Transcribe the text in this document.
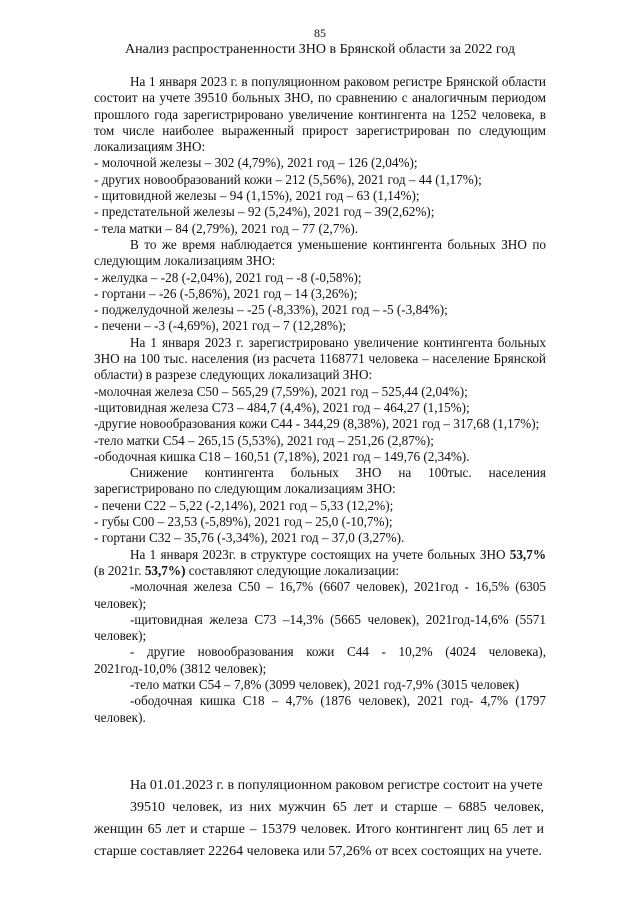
85
Анализ распространенности ЗНО в Брянской области за 2022 год

На 1 января 2023 г. в популяционном раковом регистре Брянской области состоит на учете 39510 больных ЗНО, по сравнению с аналогичным периодом прошлого года зарегистрировано увеличение контингента на 1252 человека, в том числе наиболее выраженный прирост зарегистрирован по следующим локализациям ЗНО:

- молочной железы – 302 (4,79%), 2021 год – 126 (2,04%);

- других новообразований кожи – 212 (5,56%), 2021 год – 44 (1,17%);

- щитовидной железы – 94 (1,15%), 2021 год – 63 (1,14%);

- предстательной железы – 92 (5,24%), 2021 год – 39(2,62%);

- тела матки – 84 (2,79%), 2021 год – 77 (2,7%).

В то же время наблюдается уменьшение контингента больных ЗНО по следующим локализациям ЗНО:

- желудка – -28 (-2,04%), 2021 год – -8 (-0,58%);

- гортани – -26 (-5,86%), 2021 год – 14 (3,26%);

- поджелудочной железы – -25 (-8,33%), 2021 год – -5 (-3,84%);

- печени – -3 (-4,69%), 2021 год – 7 (12,28%);

На 1 января 2023 г. зарегистрировано увеличение контингента больных ЗНО на 100 тыс. населения (из расчета 1168771 человека – население Брянской области) в разрезе следующих локализаций ЗНО:

-молочная железа С50 – 565,29 (7,59%), 2021 год – 525,44 (2,04%);

-щитовидная железа С73 – 484,7 (4,4%), 2021 год – 464,27 (1,15%);

-другие новообразования кожи С44 - 344,29 (8,38%), 2021 год – 317,68 (1,17%);

-тело матки С54 – 265,15 (5,53%), 2021 год – 251,26 (2,87%);

-ободочная кишка С18 – 160,51 (7,18%), 2021 год – 149,76 (2,34%).

Снижение контингента больных ЗНО на 100тыс. населения зарегистрировано по следующим локализациям ЗНО:

- печени С22 – 5,22 (-2,14%), 2021 год – 5,33 (12,2%);

- губы С00 – 23,53 (-5,89%), 2021 год – 25,0 (-10,7%);

- гортани С32 – 35,76 (-3,34%), 2021 год – 37,0 (3,27%).

На 1 января 2023г. в структуре состоящих на учете больных ЗНО 53,7% (в 2021г. 53,7%) составляют следующие локализации:

-молочная железа С50 – 16,7% (6607 человек), 2021год - 16,5% (6305 человек);

-щитовидная железа С73 –14,3% (5665 человек), 2021год-14,6% (5571 человек);

- другие новообразования кожи С44 - 10,2% (4024 человека), 2021год-10,0% (3812 человек);

-тело матки С54 – 7,8% (3099 человек), 2021 год-7,9% (3015 человек)

-ободочная кишка С18 – 4,7% (1876 человек), 2021 год- 4,7% (1797 человек).

На 01.01.2023 г. в популяционном раковом регистре состоит на учете

39510 человек, из них мужчин 65 лет и старше – 6885 человек, женщин 65 лет и старше – 15379 человек. Итого контингент лиц 65 лет и старше составляет 22264 человека или 57,26% от всех состоящих на учете.
